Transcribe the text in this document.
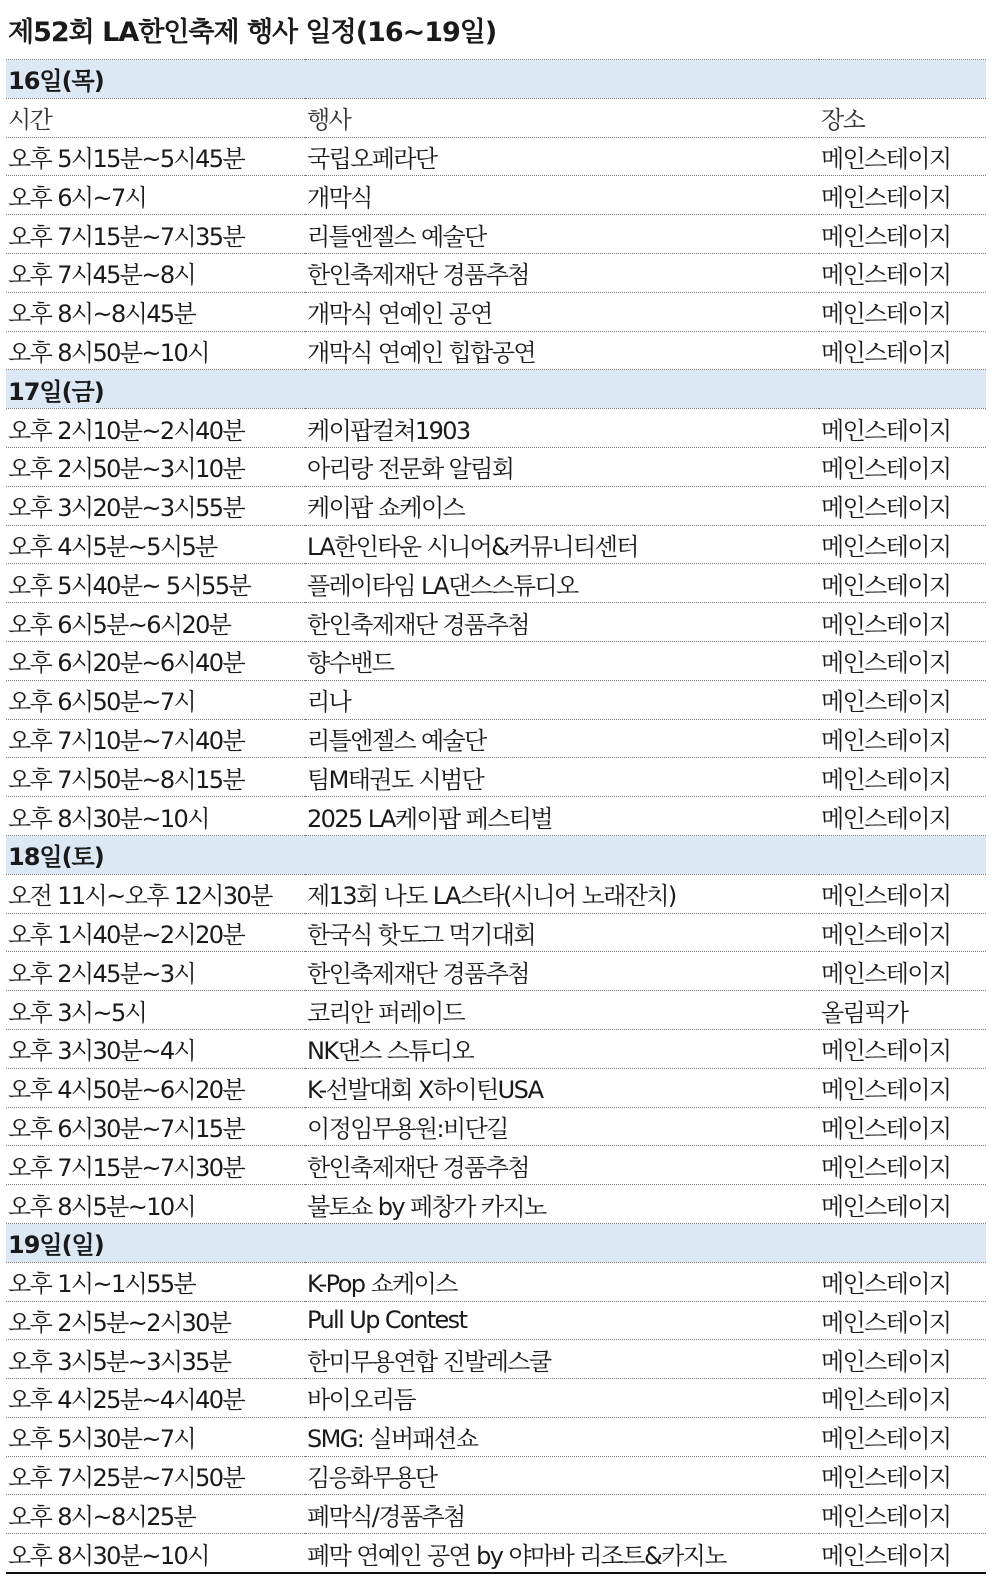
제52회 LA한인축제 행사 일정(16~19일)
16일(목)		
시간	행사	장소
오후 5시15분~5시45분	국립오페라단	메인스테이지
오후 6시~7시	개막식	메인스테이지
오후 7시15분~7시35분	리틀엔젤스 예술단	메인스테이지
오후 7시45분~8시	한인축제재단 경품추첨	메인스테이지
오후 8시~8시45분	개막식 연예인 공연	메인스테이지
오후 8시50분~10시	개막식 연예인 힙합공연	메인스테이지
17일(금)		
오후 2시10분~2시40분	케이팝컬쳐1903	메인스테이지
오후 2시50분~3시10분	아리랑 전문화 알림회	메인스테이지
오후 3시20분~3시55분	케이팝 쇼케이스	메인스테이지
오후 4시5분~5시5분	LA한인타운 시니어&커뮤니티센터	메인스테이지
오후 5시40분~ 5시55분	플레이타임 LA댄스스튜디오	메인스테이지
오후 6시5분~6시20분	한인축제재단 경품추첨	메인스테이지
오후 6시20분~6시40분	향수밴드	메인스테이지
오후 6시50분~7시	리나	메인스테이지
오후 7시10분~7시40분	리틀엔젤스 예술단	메인스테이지
오후 7시50분~8시15분	팀M태권도 시범단	메인스테이지
오후 8시30분~10시	2025 LA케이팝 페스티벌	메인스테이지
18일(토)		
오전 11시~오후 12시30분	제13회 나도 LA스타(시니어 노래잔치)	메인스테이지
오후 1시40분~2시20분	한국식 핫도그 먹기대회	메인스테이지
오후 2시45분~3시	한인축제재단 경품추첨	메인스테이지
오후 3시~5시	코리안 퍼레이드	올림픽가
오후 3시30분~4시	NK댄스 스튜디오	메인스테이지
오후 4시50분~6시20분	K-선발대회 X하이틴USA	메인스테이지
오후 6시30분~7시15분	이정임무용원:비단길	메인스테이지
오후 7시15분~7시30분	한인축제재단 경품추첨	메인스테이지
오후 8시5분~10시	불토쇼 by 페창가 카지노	메인스테이지
19일(일)		
오후 1시~1시55분	K-Pop 쇼케이스	메인스테이지
오후 2시5분~2시30분	Pull Up Contest	메인스테이지
오후 3시5분~3시35분	한미무용연합 진발레스쿨	메인스테이지
오후 4시25분~4시40분	바이오리듬	메인스테이지
오후 5시30분~7시	SMG: 실버패션쇼	메인스테이지
오후 7시25분~7시50분	김응화무용단	메인스테이지
오후 8시~8시25분	폐막식/경품추첨	메인스테이지
오후 8시30분~10시	폐막 연예인 공연 by 야마바 리조트&카지노	메인스테이지
